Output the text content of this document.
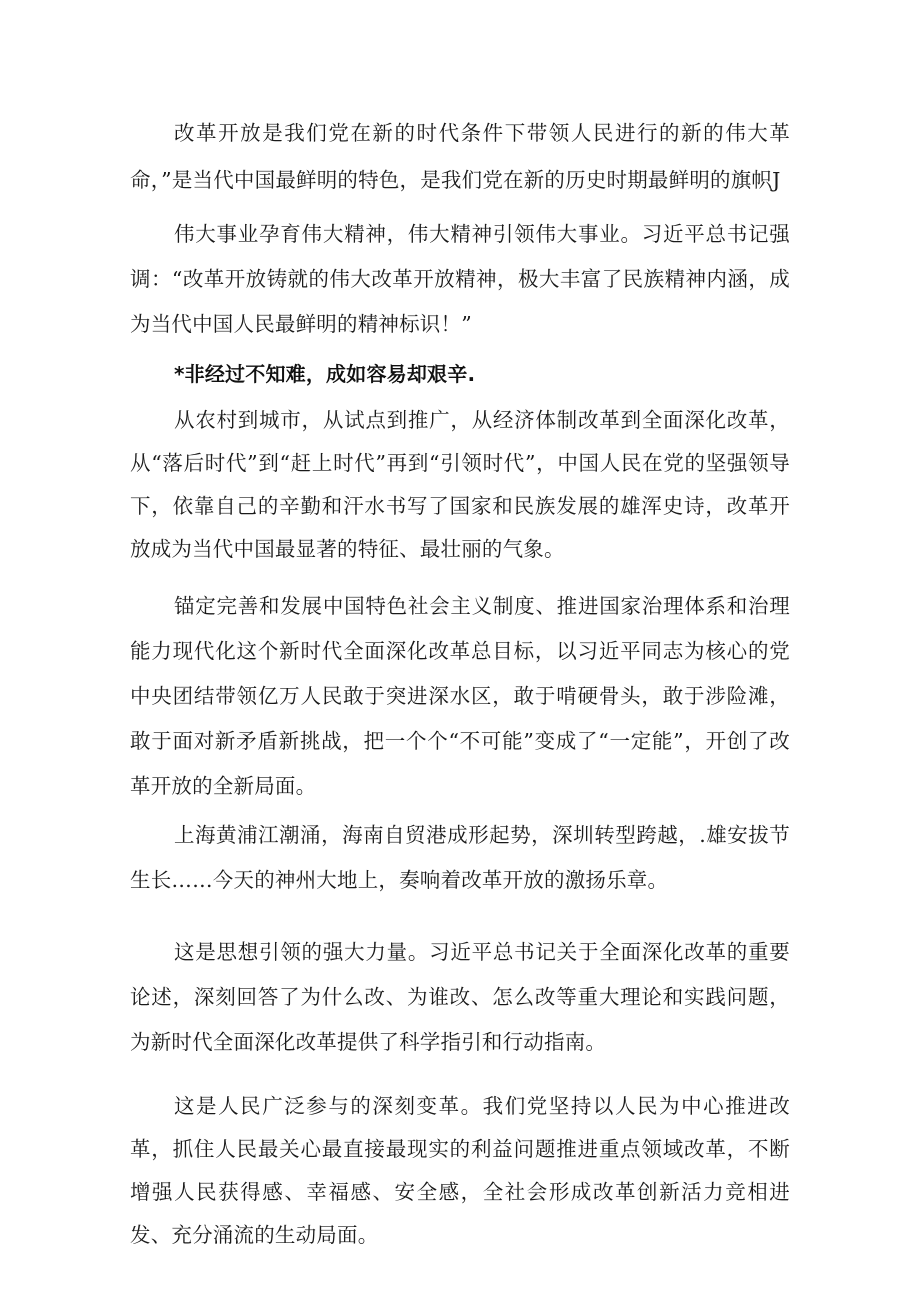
改革开放是我们党在新的时代条件下带领人民进行的新的伟大革命，”是当代中国最鲜明的特色，是我们党在新的历史时期最鲜明的旗帜J

伟大事业孕育伟大精神，伟大精神引领伟大事业。习近平总书记强调：“改革开放铸就的伟大改革开放精神，极大丰富了民族精神内涵，成为当代中国人民最鲜明的精神标识！”

*非经过不知难，成如容易却艰辛.

从农村到城市，从试点到推广，从经济体制改革到全面深化改革，从“落后时代”到“赶上时代”再到“引领时代”，中国人民在党的坚强领导下，依靠自己的辛勤和汗水书写了国家和民族发展的雄浑史诗，改革开放成为当代中国最显著的特征、最壮丽的气象。

锚定完善和发展中国特色社会主义制度、推进国家治理体系和治理能力现代化这个新时代全面深化改革总目标，以习近平同志为核心的党中央团结带领亿万人民敢于突进深水区，敢于啃硬骨头，敢于涉险滩，敢于面对新矛盾新挑战，把一个个“不可能”变成了“一定能”，开创了改革开放的全新局面。

上海黄浦江潮涌，海南自贸港成形起势，深圳转型跨越，.雄安拔节生长……今天的神州大地上，奏响着改革开放的激扬乐章。

这是思想引领的强大力量。习近平总书记关于全面深化改革的重要论述，深刻回答了为什么改、为谁改、怎么改等重大理论和实践问题，为新时代全面深化改革提供了科学指引和行动指南。

这是人民广泛参与的深刻变革。我们党坚持以人民为中心推进改革，抓住人民最关心最直接最现实的利益问题推进重点领域改革，不断增强人民获得感、幸福感、安全感，全社会形成改革创新活力竞相进发、充分涌流的生动局面。
